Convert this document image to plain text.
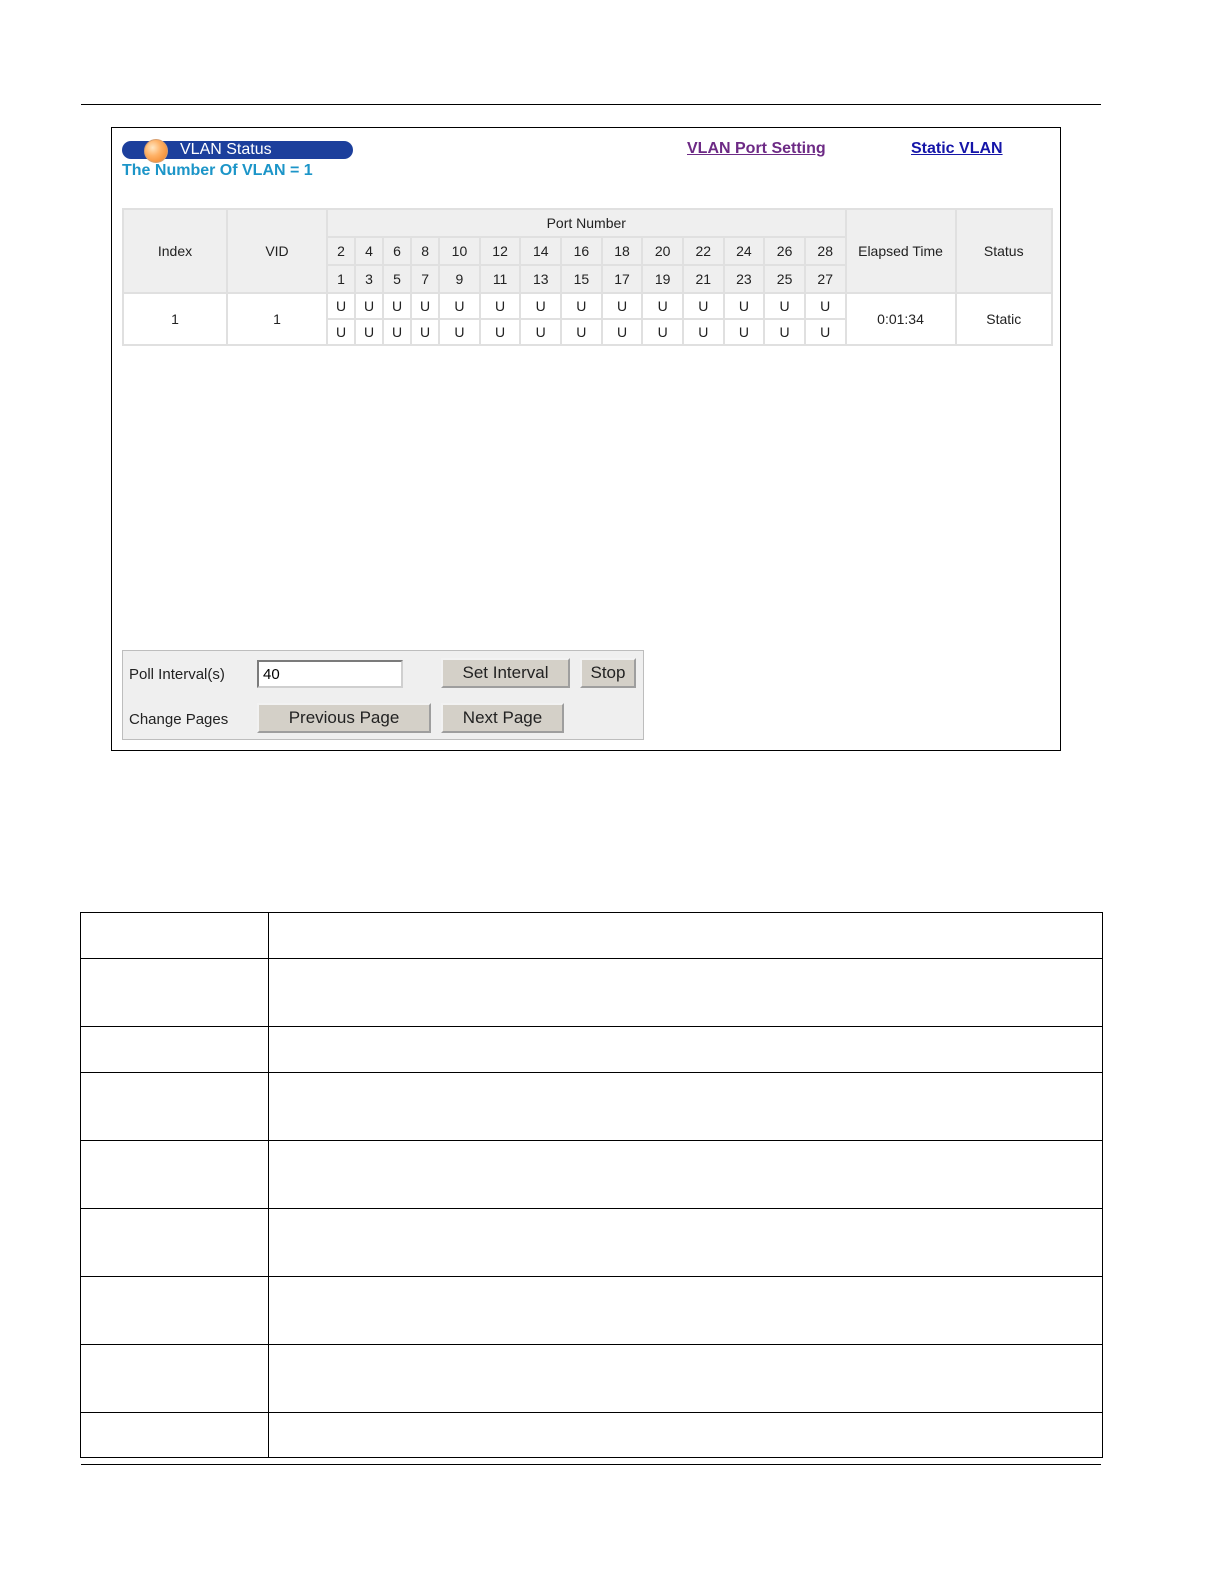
VLAN Status
The Number Of VLAN = 1
VLAN Port Setting	Static VLAN
Index	VID	Port Number														Elapsed Time	Status
		2	4	6	8	10	12	14	16	18	20	22	24	26	28		
		1	3	5	7	9	11	13	15	17	19	21	23	25	27		
1	1	U	U	U	U	U	U	U	U	U	U	U	U	U	U	0:01:34	Static
		U	U	U	U	U	U	U	U	U	U	U	U	U	U		
Poll Interval(s)
40	Set Interval	Stop
Change Pages	Previous Page	Next Page
